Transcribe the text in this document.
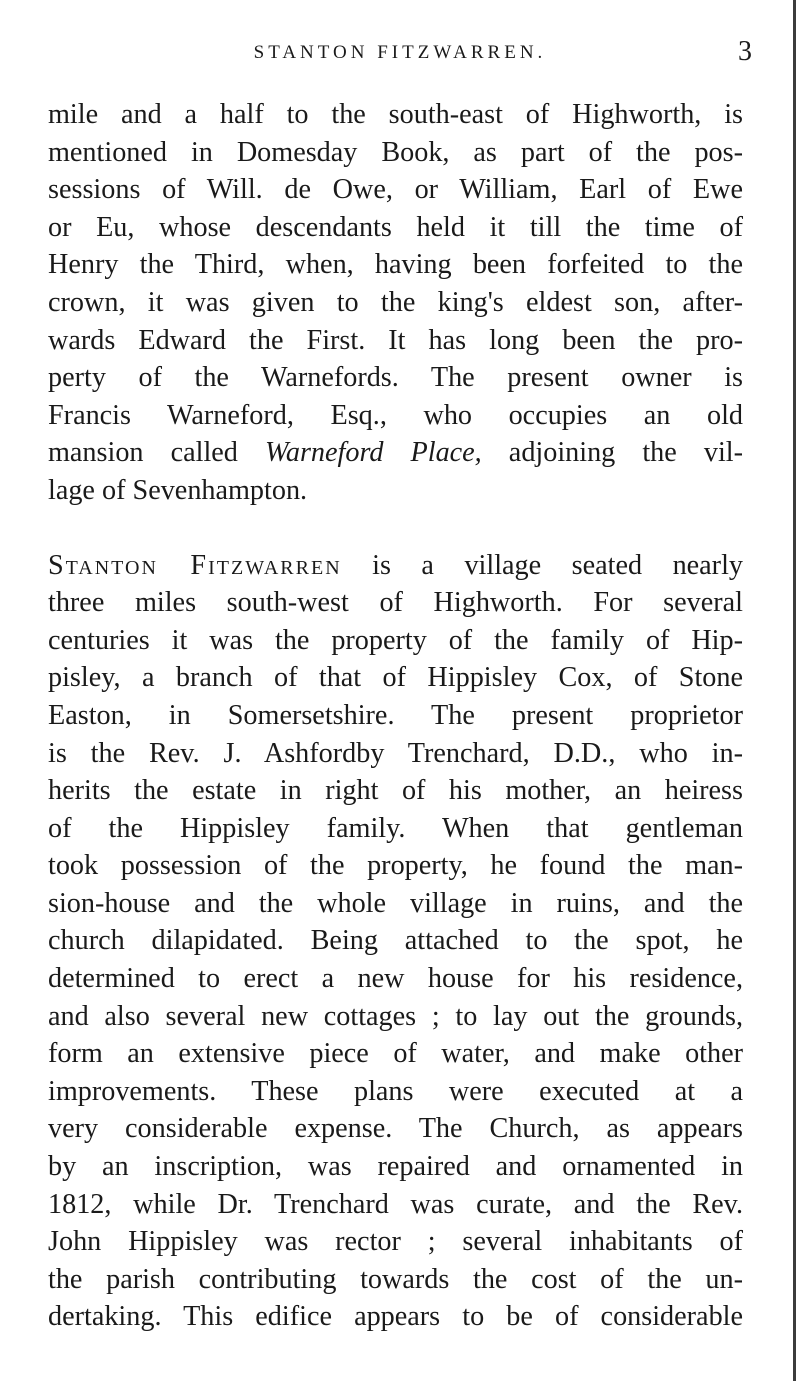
STANTON FITZWARREN.	3
mile and a half to the south-east of Highworth, is
mentioned in Domesday Book, as part of the pos-
sessions of Will. de Owe, or William, Earl of Ewe
or Eu, whose descendants held it till the time of
Henry the Third, when, having been forfeited to the
crown, it was given to the king's eldest son, after-
wards Edward the First. It has long been the pro-
perty of the Warnefords. The present owner is
Francis Warneford, Esq., who occupies an old
mansion called Warneford Place, adjoining the vil-
lage of Sevenhampton.
Stanton Fitzwarren is a village seated nearly
three miles south-west of Highworth. For several
centuries it was the property of the family of Hip-
pisley, a branch of that of Hippisley Cox, of Stone
Easton, in Somersetshire. The present proprietor
is the Rev. J. Ashfordby Trenchard, D.D., who in-
herits the estate in right of his mother, an heiress
of the Hippisley family. When that gentleman
took possession of the property, he found the man-
sion-house and the whole village in ruins, and the
church dilapidated. Being attached to the spot, he
determined to erect a new house for his residence,
and also several new cottages ; to lay out the grounds,
form an extensive piece of water, and make other
improvements. These plans were executed at a
very considerable expense. The Church, as appears
by an inscription, was repaired and ornamented in
1812, while Dr. Trenchard was curate, and the Rev.
John Hippisley was rector ; several inhabitants of
the parish contributing towards the cost of the un-
dertaking. This edifice appears to be of considerable
